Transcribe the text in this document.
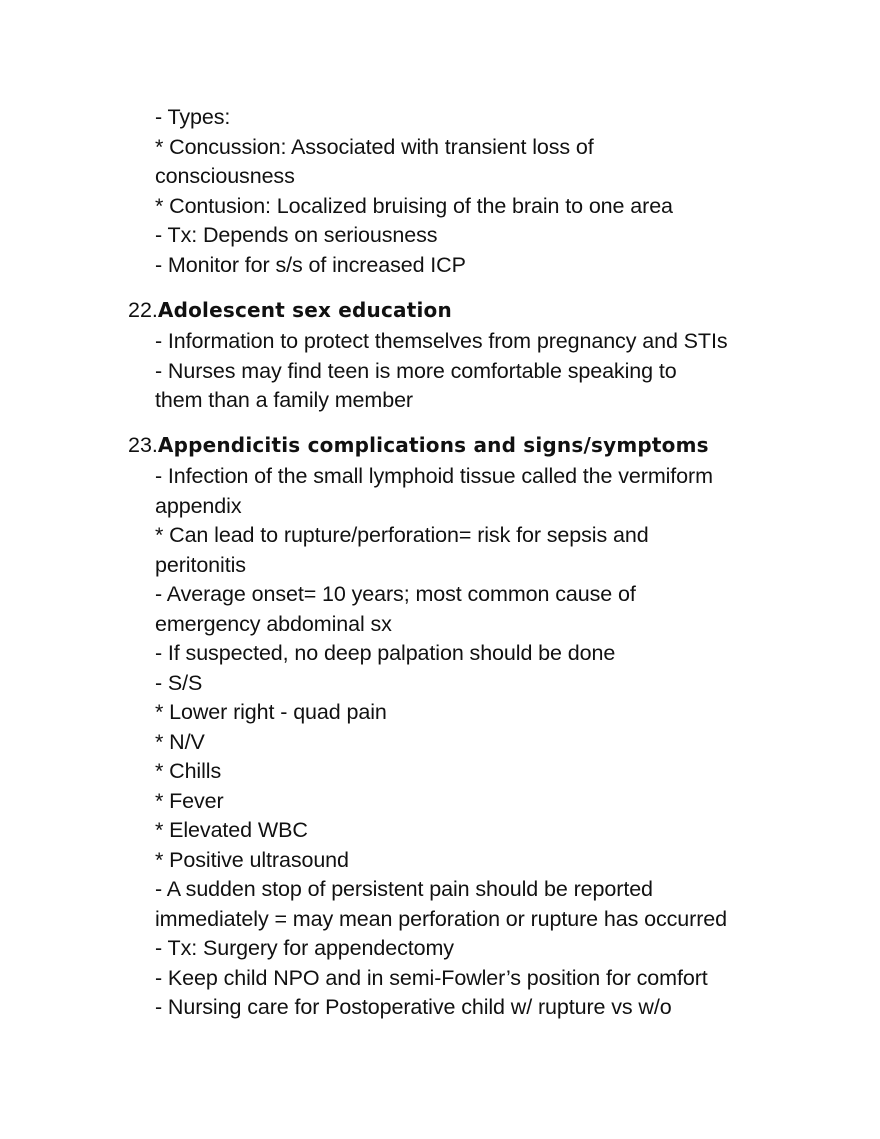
- Types:
* Concussion: Associated with transient loss of
consciousness
* Contusion: Localized bruising of the brain to one area
- Tx: Depends on seriousness
- Monitor for s/s of increased ICP
22.Adolescent sex education
- Information to protect themselves from pregnancy and STIs
- Nurses may find teen is more comfortable speaking to
them than a family member
23.Appendicitis complications and signs/symptoms
- Infection of the small lymphoid tissue called the vermiform
appendix
* Can lead to rupture/perforation= risk for sepsis and
peritonitis
- Average onset= 10 years; most common cause of
emergency abdominal sx
- If suspected, no deep palpation should be done
- S/S
* Lower right - quad pain
* N/V
* Chills
* Fever
* Elevated WBC
* Positive ultrasound
- A sudden stop of persistent pain should be reported
immediately = may mean perforation or rupture has occurred
- Tx: Surgery for appendectomy
- Keep child NPO and in semi-Fowler’s position for comfort
- Nursing care for Postoperative child w/ rupture vs w/o
